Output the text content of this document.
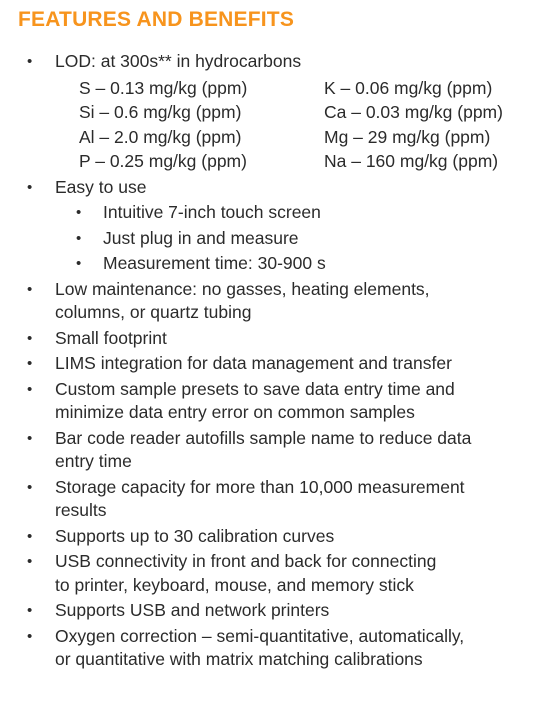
FEATURES AND BENEFITS
• LOD: at 300s** in hydrocarbons
S – 0.13 mg/kg (ppm)	K – 0.06 mg/kg (ppm)
Si – 0.6 mg/kg (ppm)	Ca – 0.03 mg/kg (ppm)
Al – 2.0 mg/kg (ppm)	Mg – 29 mg/kg (ppm)
P – 0.25 mg/kg (ppm)	Na – 160 mg/kg (ppm)
• Easy to use
• Intuitive 7-inch touch screen
• Just plug in and measure
• Measurement time: 30-900 s
• Low maintenance: no gasses, heating elements,
columns, or quartz tubing
• Small footprint
• LIMS integration for data management and transfer
• Custom sample presets to save data entry time and
minimize data entry error on common samples
• Bar code reader autofills sample name to reduce data
entry time
• Storage capacity for more than 10,000 measurement
results
• Supports up to 30 calibration curves
• USB connectivity in front and back for connecting
to printer, keyboard, mouse, and memory stick
• Supports USB and network printers
• Oxygen correction – semi-quantitative, automatically,
or quantitative with matrix matching calibrations
